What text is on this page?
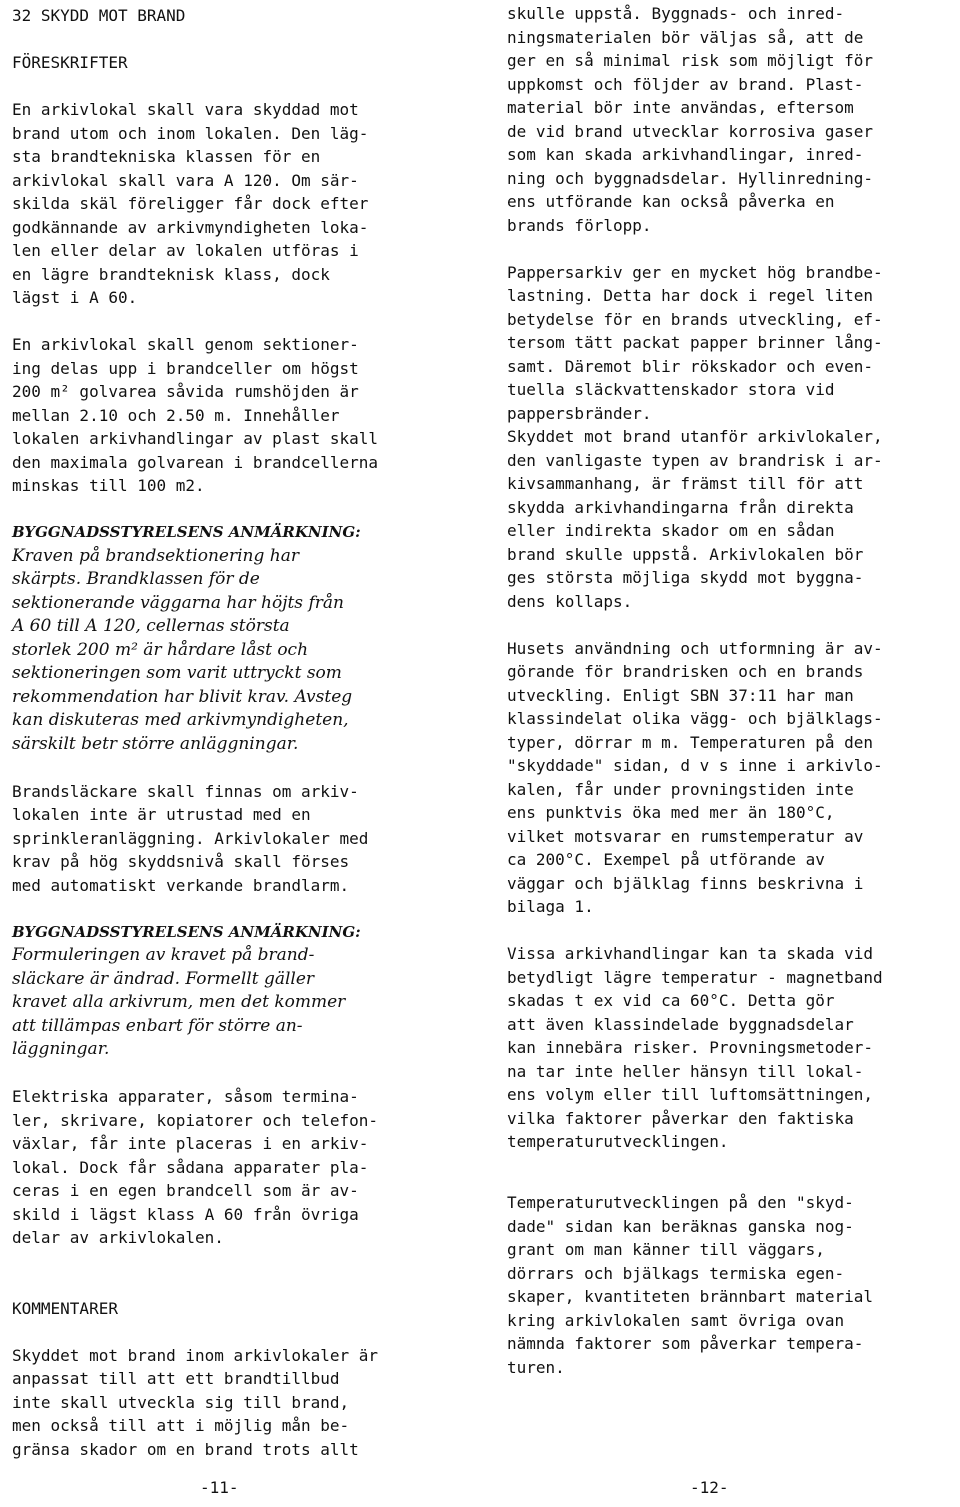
32 SKYDD MOT BRAND
FÖRESKRIFTER
En arkivlokal skall vara skyddad mot
brand utom och inom lokalen. Den läg-
sta brandtekniska klassen för en
arkivlokal skall vara A 120. Om sär-
skilda skäl föreligger får dock efter
godkännande av arkivmyndigheten loka-
len eller delar av lokalen utföras i
en lägre brandteknisk klass, dock
lägst i A 60.
En arkivlokal skall genom sektioner-
ing delas upp i brandceller om högst
200 m² golvarea såvida rumshöjden är
mellan 2.10 och 2.50 m. Innehåller
lokalen arkivhandlingar av plast skall
den maximala golvarean i brandcellerna
minskas till 100 m2.
BYGGNADSSTYRELSENS ANMÄRKNING:
Kraven på brandsektionering har
skärpts. Brandklassen för de
sektionerande väggarna har höjts från
A 60 till A 120, cellernas största
storlek 200 m² är hårdare låst och
sektioneringen som varit uttryckt som
rekommendation har blivit krav. Avsteg
kan diskuteras med arkivmyndigheten,
särskilt betr större anläggningar.
Brandsläckare skall finnas om arkiv-
lokalen inte är utrustad med en
sprinkleranläggning. Arkivlokaler med
krav på hög skyddsnivå skall förses
med automatiskt verkande brandlarm.
BYGGNADSSTYRELSENS ANMÄRKNING:
Formuleringen av kravet på brand-
släckare är ändrad. Formellt gäller
kravet alla arkivrum, men det kommer
att tillämpas enbart för större an-
läggningar.
Elektriska apparater, såsom termina-
ler, skrivare, kopiatorer och telefon-
växlar, får inte placeras i en arkiv-
lokal. Dock får sådana apparater pla-
ceras i en egen brandcell som är av-
skild i lägst klass A 60 från övriga
delar av arkivlokalen.
KOMMENTARER
Skyddet mot brand inom arkivlokaler är
anpassat till att ett brandtillbud
inte skall utveckla sig till brand,
men också till att i möjlig mån be-
gränsa skador om en brand trots allt
skulle uppstå. Byggnads- och inred-
ningsmaterialen bör väljas så, att de
ger en så minimal risk som möjligt för
uppkomst och följder av brand. Plast-
material bör inte användas, eftersom
de vid brand utvecklar korrosiva gaser
som kan skada arkivhandlingar, inred-
ning och byggnadsdelar. Hyllinredning-
ens utförande kan också påverka en
brands förlopp.
Pappersarkiv ger en mycket hög brandbe-
lastning. Detta har dock i regel liten
betydelse för en brands utveckling, ef-
tersom tätt packat papper brinner lång-
samt. Däremot blir rökskador och even-
tuella släckvattenskador stora vid
pappersbränder.
Skyddet mot brand utanför arkivlokaler,
den vanligaste typen av brandrisk i ar-
kivsammanhang, är främst till för att
skydda arkivhandingarna från direkta
eller indirekta skador om en sådan
brand skulle uppstå. Arkivlokalen bör
ges största möjliga skydd mot byggna-
dens kollaps.
Husets användning och utformning är av-
görande för brandrisken och en brands
utveckling. Enligt SBN 37:11 har man
klassindelat olika vägg- och bjälklags-
typer, dörrar m m. Temperaturen på den
"skyddade" sidan, d v s inne i arkivlo-
kalen, får under provningstiden inte
ens punktvis öka med mer än 180°C,
vilket motsvarar en rumstemperatur av
ca 200°C. Exempel på utförande av
väggar och bjälklag finns beskrivna i
bilaga 1.
Vissa arkivhandlingar kan ta skada vid
betydligt lägre temperatur - magnetband
skadas t ex vid ca 60°C. Detta gör
att även klassindelade byggnadsdelar
kan innebära risker. Provningsmetoder-
na tar inte heller hänsyn till lokal-
ens volym eller till luftomsättningen,
vilka faktorer påverkar den faktiska
temperaturutvecklingen.
Temperaturutvecklingen på den "skyd-
dade" sidan kan beräknas ganska nog-
grant om man känner till väggars,
dörrars och bjälkags termiska egen-
skaper, kvantiteten brännbart material
kring arkivlokalen samt övriga ovan
nämnda faktorer som påverkar tempera-
turen.
-11-	-12-
